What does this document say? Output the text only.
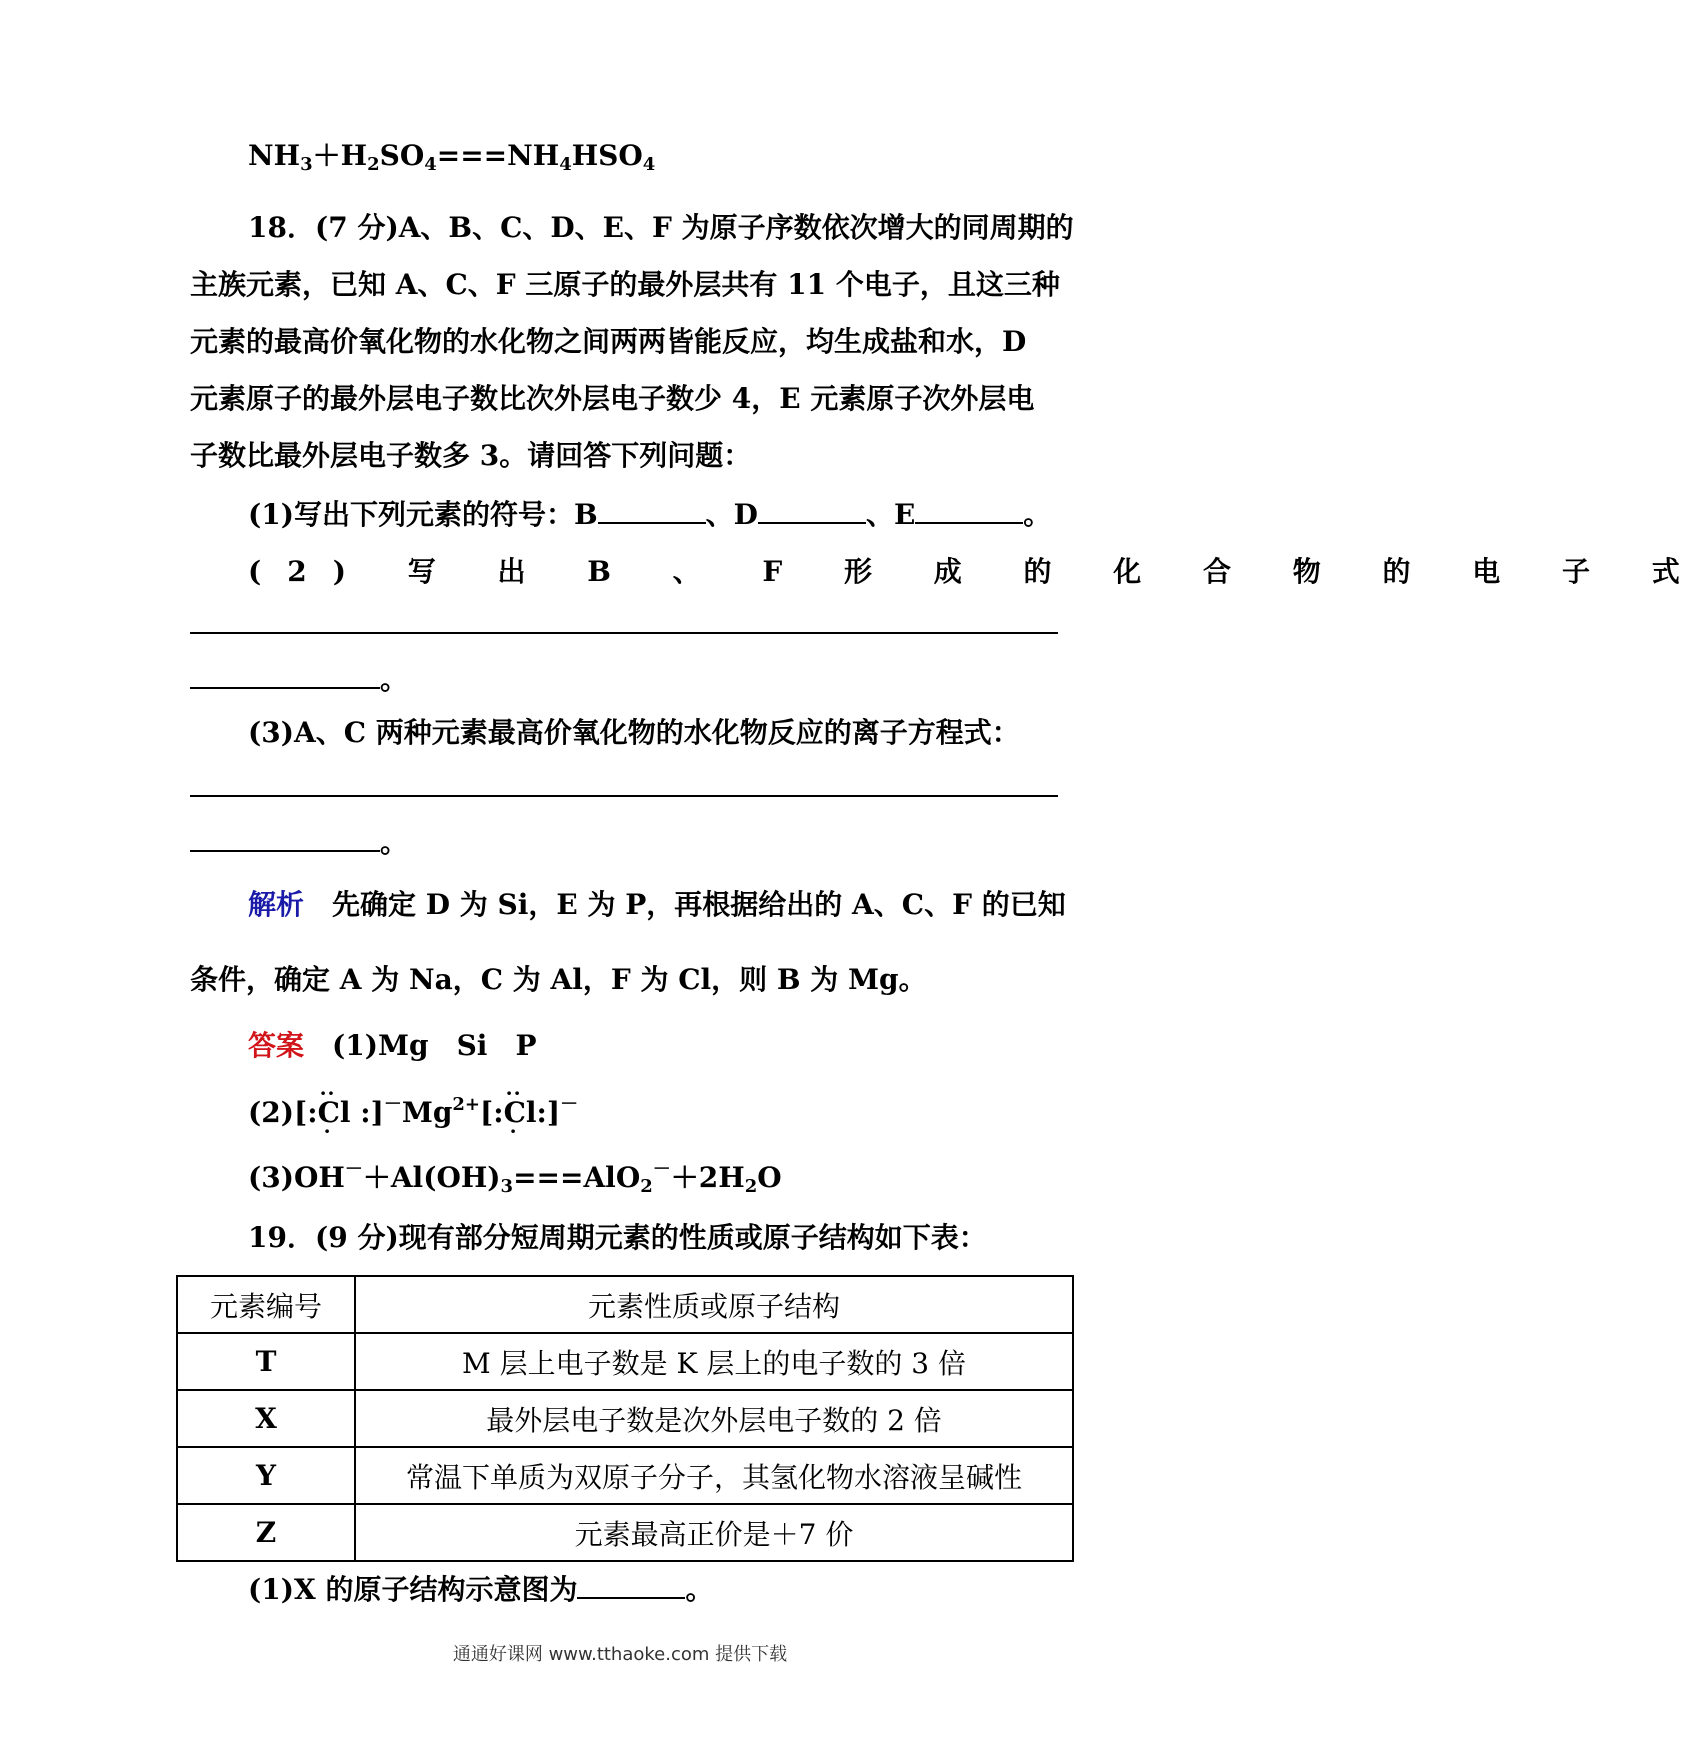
$NH_3+H_2SO_4===NH_4HSO_4$
18．(7 分)A、B、C、D、E、F 为原子序数依次增大的同周期的
主族元素，已知 A、C、F 三原子的最外层共有 11 个电子，且这三种
元素的最高价氧化物的水化物之间两两皆能反应，均生成盐和水，D
元素原子的最外层电子数比次外层电子数少 4，E 元素原子次外层电
子数比最外层电子数多 3。请回答下列问题：
(1)写出下列元素的符号：B	、D	、E	。
(2) 写 出 B 、 F 形 成 的 化 合 物 的 电 子 式
。
(3)A、C 两种元素最高价氧化物的水化物反应的离子方程式：
。
解析　 先确定 D 为 Si，E 为 P，再根据给出的 A、C、F 的已知
条件，确定 A 为 Na，C 为 Al，F 为 Cl，则 B 为 Mg。
答案　 (1)Mg　Si　P
(2)[:·· $Cl \cdot :]^-Mg^{2+}[:\cdot\cdot Cl$ ·:]－
$(3)OH^-+Al(OH)_3===AlO_2^-+2H_2O$
19．(9 分)现有部分短周期元素的性质或原子结构如下表：
元素编号	元素性质或原子结构
T	M 层上电子数是 K 层上的电子数的 3 倍
X	最外层电子数是次外层电子数的 2 倍
Y	常温下单质为双原子分子，其氢化物水溶液呈碱性
Z	元素最高正价是＋7 价
(1)X 的原子结构示意图为	。
通通好课网 www.tthaoke.com 提供下载
